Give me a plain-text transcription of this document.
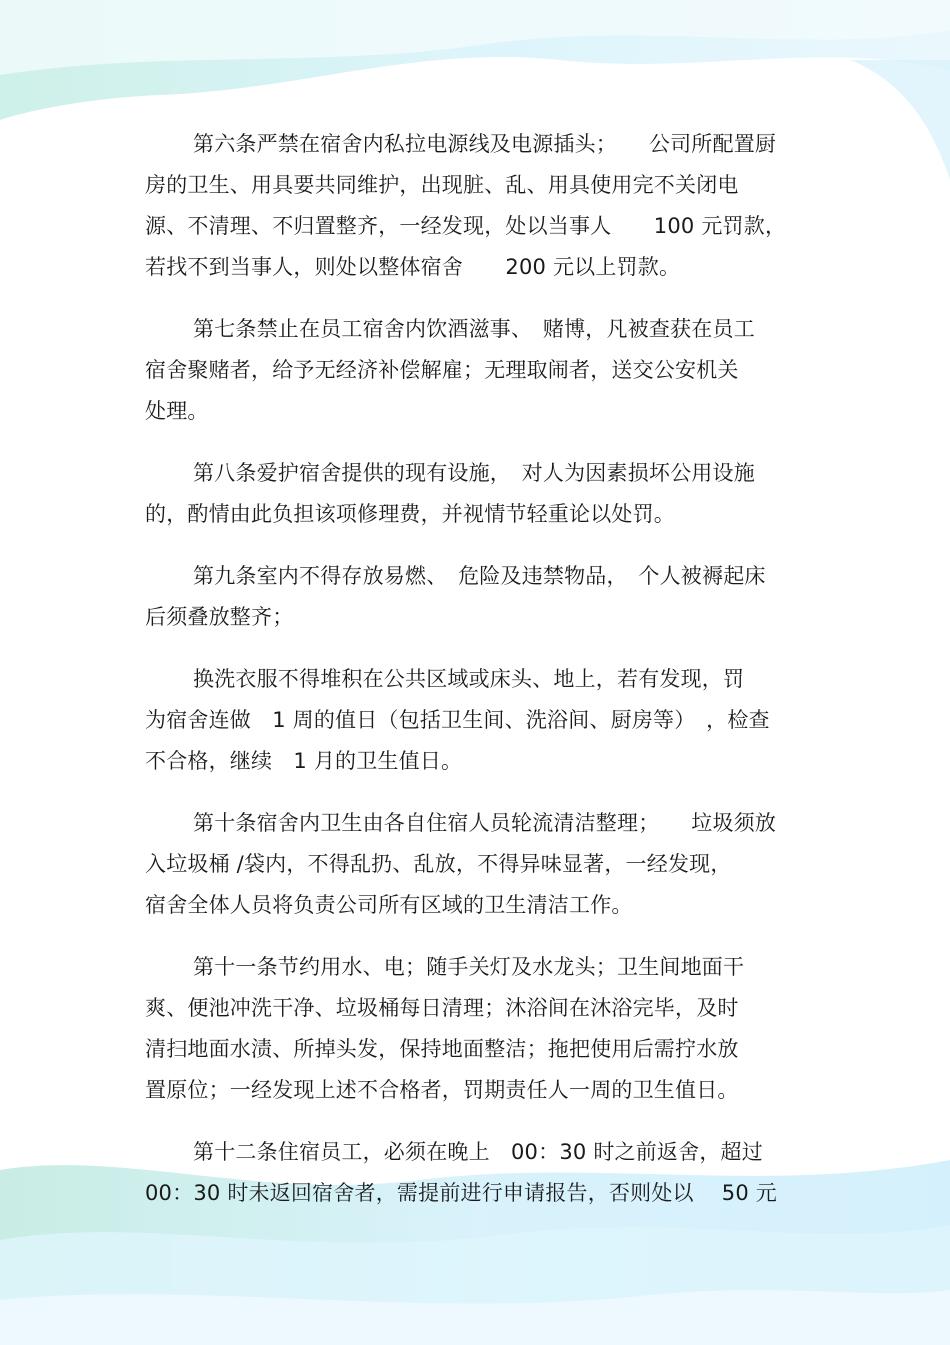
第六条严禁在宿舍内私拉电源线及电源插头；　　公司所配置厨
房的卫生、用具要共同维护，出现脏、乱、用具使用完不关闭电
源、不清理、不归置整齐，一经发现，处以当事人　　100 元罚款，
若找不到当事人，则处以整体宿舍　　200 元以上罚款。
第七条禁止在员工宿舍内饮酒滋事、　赌博，凡被查获在员工
宿舍聚赌者，给予无经济补偿解雇；无理取闹者，送交公安机关
处理。
第八条爱护宿舍提供的现有设施，　对人为因素损坏公用设施
的，酌情由此负担该项修理费，并视情节轻重论以处罚。
第九条室内不得存放易燃、　危险及违禁物品，　个人被褥起床
后须叠放整齐；
换洗衣服不得堆积在公共区域或床头、地上，若有发现，罚
为宿舍连做　1 周的值日（包括卫生间、洗浴间、厨房等）　，检查
不合格，继续　1 月的卫生值日。
第十条宿舍内卫生由各自住宿人员轮流清洁整理；　　垃圾须放
入垃圾桶 /袋内，不得乱扔、乱放，不得异味显著，一经发现，
宿舍全体人员将负责公司所有区域的卫生清洁工作。
第十一条节约用水、电；随手关灯及水龙头；卫生间地面干
爽、便池冲洗干净、垃圾桶每日清理；沐浴间在沐浴完毕，及时
清扫地面水渍、所掉头发，保持地面整洁；拖把使用后需拧水放
置原位；一经发现上述不合格者，罚期责任人一周的卫生值日。
第十二条住宿员工，必须在晚上　00：30 时之前返舍，超过
00：30 时未返回宿舍者，需提前进行申请报告，否则处以　 50 元
